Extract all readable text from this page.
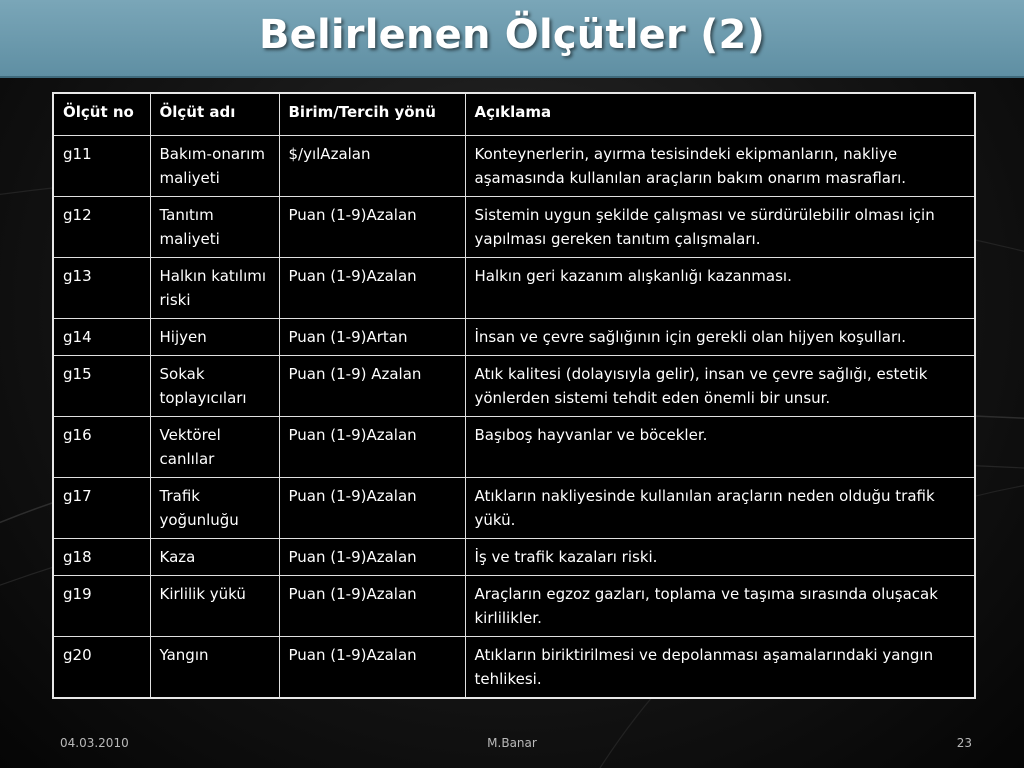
Belirlenen Ölçütler (2)
Ölçüt no	Ölçüt adı	Birim/Tercih yönü	Açıklama
g11	Bakım-onarım maliyeti	$/yılAzalan	Konteynerlerin, ayırma tesisindeki ekipmanların, nakliye aşamasında kullanılan araçların bakım onarım masrafları.
g12	Tanıtım maliyeti	Puan (1-9)Azalan	Sistemin uygun şekilde çalışması ve sürdürülebilir olması için yapılması gereken tanıtım çalışmaları.
g13	Halkın katılımı riski	Puan (1-9)Azalan	Halkın geri kazanım alışkanlığı kazanması.
g14	Hijyen	Puan (1-9)Artan	İnsan ve çevre sağlığının için gerekli olan hijyen koşulları.
g15	Sokak toplayıcıları	Puan (1-9) Azalan	Atık kalitesi (dolayısıyla gelir), insan ve çevre sağlığı, estetik yönlerden sistemi tehdit eden önemli bir unsur.
g16	Vektörel canlılar	Puan (1-9)Azalan	Başıboş hayvanlar ve böcekler.
g17	Trafik yoğunluğu	Puan (1-9)Azalan	Atıkların nakliyesinde kullanılan araçların neden olduğu trafik yükü.
g18	Kaza	Puan (1-9)Azalan	İş ve trafik kazaları riski.
g19	Kirlilik yükü	Puan (1-9)Azalan	Araçların egzoz gazları, toplama ve taşıma sırasında oluşacak kirlilikler.
g20	Yangın	Puan (1-9)Azalan	Atıkların biriktirilmesi ve depolanması aşamalarındaki yangın tehlikesi.
04.03.2010	M.Banar	23
